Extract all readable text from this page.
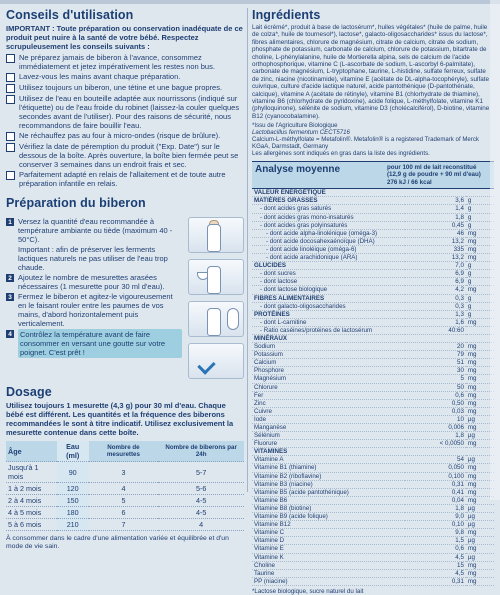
Conseils d'utilisation
IMPORTANT : Toute préparation ou conservation inadéquate de ce produit peut nuire à la santé de votre bébé. Respectez scrupuleusement les conseils suivants :
Ne préparez jamais de biberon à l'avance, consommez immédiatement et jetez impérativement les restes non bus.
Lavez-vous les mains avant chaque préparation.
Utilisez toujours un biberon, une tétine et une bague propres.
Utilisez de l'eau en bouteille adaptée aux nourrissons (indiqué sur l'étiquette) ou de l'eau froide du robinet (laissez-la couler quelques secondes avant de l'utiliser). Pour des raisons de sécurité, nous recommandons de faire bouillir l'eau.
Ne réchauffez pas au four à micro-ondes (risque de brûlure).
Vérifiez la date de péremption du produit ("Exp. Date") sur le dessous de la boîte. Après ouverture, la boîte bien fermée peut se conserver 3 semaines dans un endroit frais et sec.
Parfaitement adapté en relais de l'allaitement et de toute autre préparation infantile en relais.
Préparation du biberon
1 Versez la quantité d'eau recommandée à température ambiante ou tiède (maximum 40 - 50°C).
Important : afin de préserver les ferments lactiques naturels ne pas utiliser de l'eau trop chaude.
2 Ajoutez le nombre de mesurettes arasées nécessaires (1 mesurette pour 30 ml d'eau).
3 Fermez le biberon et agitez-le vigoureusement en le faisant rouler entre les paumes de vos mains, d'abord horizontalement puis verticalement.
4 Contrôlez la température avant de faire consommer en versant une goutte sur votre poignet. C'est prêt !
Dosage
Utilisez toujours 1 mesurette (4,3 g) pour 30 ml d'eau. Chaque bébé est différent. Les quantités et la fréquence des biberons recommandées le sont à titre indicatif. Utilisez exclusivement la mesurette contenue dans cette boîte.
Âge	Eau (ml)	Nombre de mesurettes	Nombre de biberons par 24h
Jusqu'à 1 mois	90	3	5-7
1 à 2 mois	120	4	5-6
2 à 4 mois	150	5	4-5
4 à 5 mois	180	6	4-5
5 à 6 mois	210	7	4
À consommer dans le cadre d'une alimentation variée et équilibrée et d'un mode de vie sain.
Ingrédients
Lait écrémé*, produit à base de lactosérum*, huiles végétales* (huile de palme, huile de colza*, huile de tournesol*), lactose*, galacto-oligosaccharides* issus du lactose*, fibres alimentaires, chlorure de magnésium, citrate de calcium, citrate de sodium, phosphate de potassium, carbonate de calcium, chlorure de potassium, bitartrate de choline, L-phénylalanine, huile de Mortierella alpina, sels de calcium de l'acide orthophosphorique, vitamine C (L-ascorbate de sodium, L-ascorbyl 6-palmitate), carbonate de magnésium, L-tryptophane, taurine, L-histidine, sulfate ferreux, sulfate de zinc, niacine (nicotinamide), vitamine E (acétate de DL-alpha-tocophéryle), sulfate cuivrique, culture d'acide lactique naturel, acide pantothénique (D-pantothénate, calcique), vitamine A (acétate de rétinyle), vitamine B1 (chlorhydrate de thiamine), vitamine B6 (chlorhydrate de pyridoxine), acide folique, L-méthylfolate, vitamine K1 (phylloquinone), sélénite de sodium, vitamine D3 (cholécalciférol), D-biotine, vitamine B12 (cyanocobalamine).
*Issu de l'Agriculture Biologique
Lactobacillus fermentum CECT5716
Calcium-L-méthylfolate = Metafolin®. Metafolin® is a registered Trademark of Merck KGaA, Darmstadt, Germany
Les allergènes sont indiqués en gras dans la liste des ingrédients.
Analyse moyenne	pour 100 ml de lait reconstitué (12,9 g de poudre + 90 ml d'eau)
276 kJ / 66 kcal
VALEUR ÉNERGÉTIQUE		
MATIÈRES GRASSES	3,6	g
- dont acides gras saturés	1,4	g
- dont acides gras mono-insaturés	1,8	g
- dont acides gras polyinsaturés	0,45	g
- dont acide alpha-linolénique (oméga-3)	46	mg
- dont acide docosahexaénoïque (DHA)	13,2	mg
- dont acide linoléique (oméga-6)	335	mg
- dont acide arachidonique (ARA)	13,2	mg
GLUCIDES	7,0	g
- dont sucres	6,9	g
- dont lactose	6,9	g
- dont lactose biologique	4,2	mg
FIBRES ALIMENTAIRES	0,3	g
- dont galacto-oligosaccharides	0,3	g
PROTÉINES	1,3	g
- dont L-carnitine	1,6	mg
- Ratio caséines/protéines de lactosérum	40:60	
MINÉRAUX		
Sodium	20	mg
Potassium	79	mg
Calcium	51	mg
Phosphore	30	mg
Magnésium	5	mg
Chlorure	50	mg
Fer	0,6	mg
Zinc	0,50	mg
Cuivre	0,03	mg
Iode	10	µg
Manganèse	0,006	mg
Sélénium	1,8	µg
Fluorure	< 0,0050	mg
VITAMINES		
Vitamine A	54	µg
Vitamine B1 (thiamine)	0,050	mg
Vitamine B2 (riboflavine)	0,100	mg
Vitamine B3 (niacine)	0,31	mg
Vitamine B5 (acide pantothénique)	0,41	mg
Vitamine B6	0,04	mg
Vitamine B8 (biotine)	1,8	µg
Vitamine B9 (acide folique)	9,0	µg
Vitamine B12	0,10	µg
Vitamine C	9,8	mg
Vitamine D	1,5	µg
Vitamine E	0,6	mg
Vitamine K	4,5	µg
Choline	15	mg
Taurine	4,5	mg
PP (niacine)	0,31	mg
*Lactose biologique, sucre naturel du lait
